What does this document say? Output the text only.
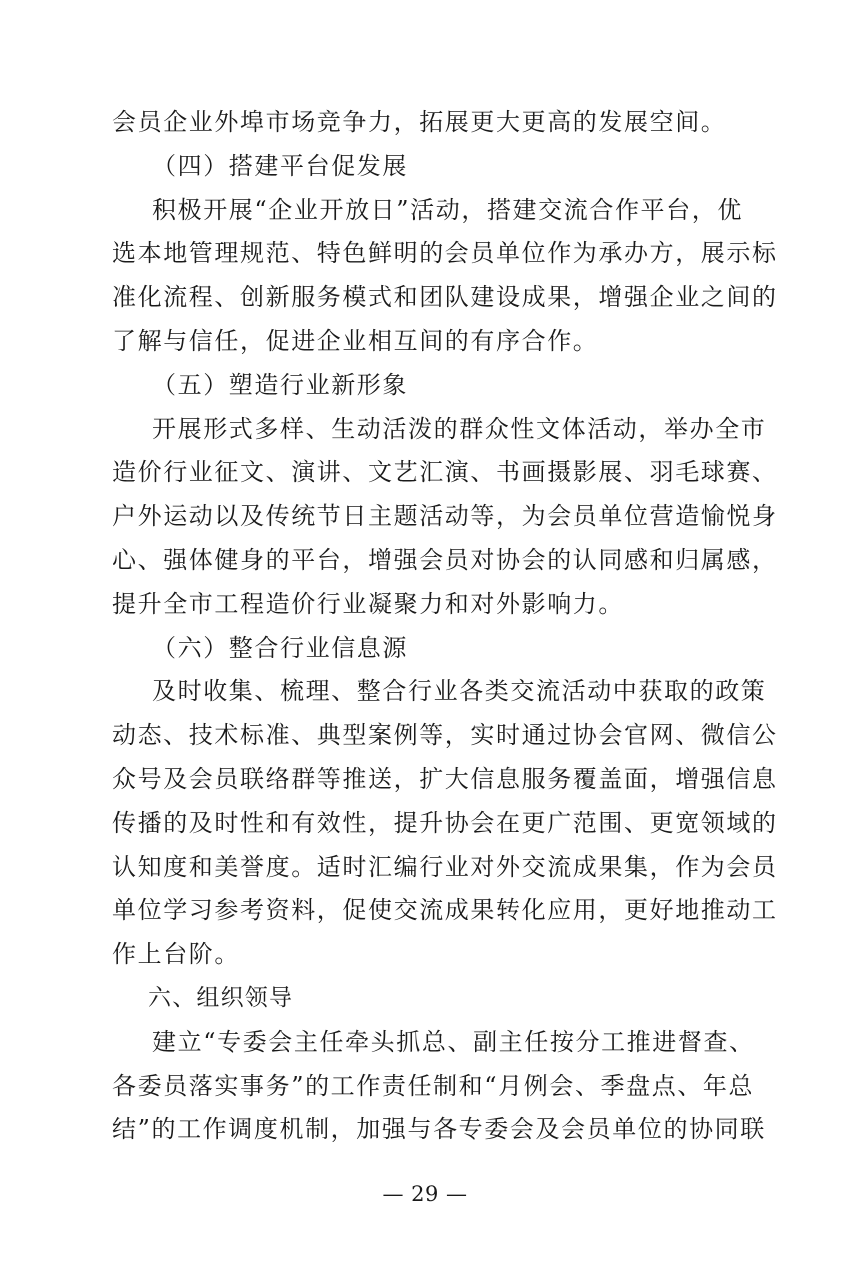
会员企业外埠市场竞争力，拓展更大更高的发展空间。
（四）搭建平台促发展
积极开展“企业开放日”活动，搭建交流合作平台，优
选本地管理规范、特色鲜明的会员单位作为承办方，展示标
准化流程、创新服务模式和团队建设成果，增强企业之间的
了解与信任，促进企业相互间的有序合作。
（五）塑造行业新形象
开展形式多样、生动活泼的群众性文体活动，举办全市
造价行业征文、演讲、文艺汇演、书画摄影展、羽毛球赛、
户外运动以及传统节日主题活动等，为会员单位营造愉悦身
心、强体健身的平台，增强会员对协会的认同感和归属感，
提升全市工程造价行业凝聚力和对外影响力。
（六）整合行业信息源
及时收集、梳理、整合行业各类交流活动中获取的政策
动态、技术标准、典型案例等，实时通过协会官网、微信公
众号及会员联络群等推送，扩大信息服务覆盖面，增强信息
传播的及时性和有效性，提升协会在更广范围、更宽领域的
认知度和美誉度。适时汇编行业对外交流成果集，作为会员
单位学习参考资料，促使交流成果转化应用，更好地推动工
作上台阶。
六、组织领导
建立“专委会主任牵头抓总、副主任按分工推进督查、
各委员落实事务”的工作责任制和“月例会、季盘点、年总
结”的工作调度机制，加强与各专委会及会员单位的协同联
— 29 —
